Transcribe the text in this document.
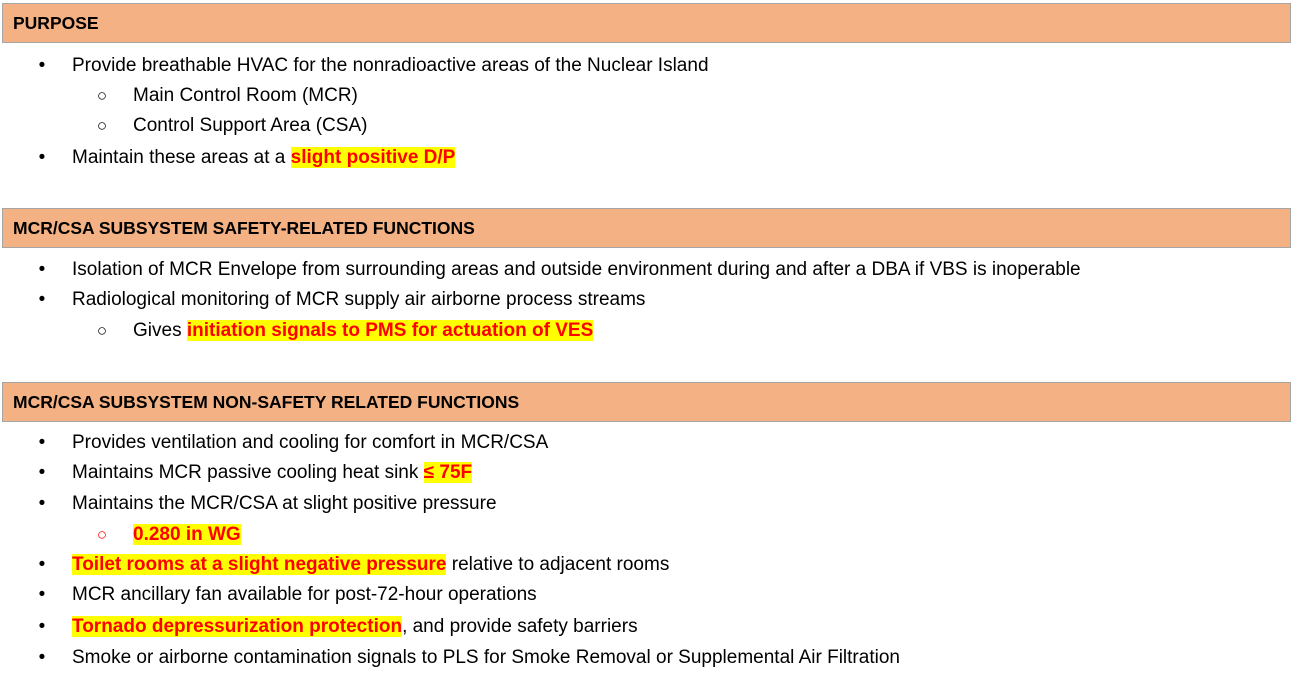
PURPOSE
• Provide breathable HVAC for the nonradioactive areas of the Nuclear Island
○ Main Control Room (MCR)
○ Control Support Area (CSA)
• Maintain these areas at a slight positive D/P
MCR/CSA SUBSYSTEM SAFETY-RELATED FUNCTIONS
• Isolation of MCR Envelope from surrounding areas and outside environment during and after a DBA if VBS is inoperable
• Radiological monitoring of MCR supply air airborne process streams
○ Gives initiation signals to PMS for actuation of VES
MCR/CSA SUBSYSTEM NON-SAFETY RELATED FUNCTIONS
• Provides ventilation and cooling for comfort in MCR/CSA
• Maintains MCR passive cooling heat sink ≤ 75F
• Maintains the MCR/CSA at slight positive pressure
○ 0.280 in WG
• Toilet rooms at a slight negative pressure relative to adjacent rooms
• MCR ancillary fan available for post-72-hour operations
• Tornado depressurization protection, and provide safety barriers
• Smoke or airborne contamination signals to PLS for Smoke Removal or Supplemental Air Filtration
